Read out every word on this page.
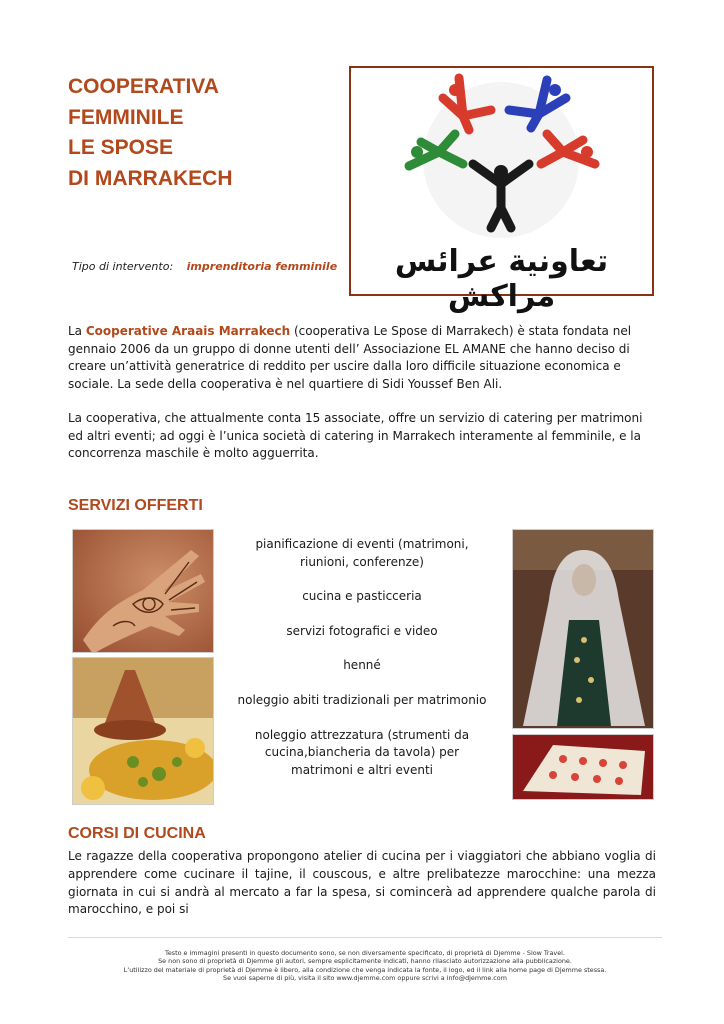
COOPERATIVA
FEMMINILE
LE SPOSE
DI MARRAKECH
تعاونية عرائس مراكش
Tipo di intervento: imprenditoria femminile
La Cooperative Araais Marrakech (cooperativa Le Spose di Marrakech) è stata fondata nel gennaio 2006 da un gruppo di donne utenti dell’ Associazione EL AMANE che hanno deciso di creare un’attività generatrice di reddito per uscire dalla loro difficile situazione economica e sociale. La sede della cooperativa è nel quartiere di Sidi Youssef Ben Ali.
La cooperativa, che attualmente conta 15 associate, offre un servizio di catering per matrimoni ed altri eventi; ad oggi è l’unica società di catering in Marrakech interamente al femminile, e la concorrenza maschile è molto agguerrita.
SERVIZI OFFERTI
pianificazione di eventi (matrimoni, riunioni, conferenze)
cucina e pasticceria
servizi fotografici e video
henné
noleggio abiti tradizionali per matrimonio
noleggio attrezzatura (strumenti da cucina,biancheria da tavola) per matrimoni e altri eventi
CORSI DI CUCINA
Le ragazze della cooperativa propongono atelier di cucina per i viaggiatori che abbiano voglia di apprendere come cucinare il tajine, il couscous, e altre prelibatezze marocchine: una mezza giornata in cui si andrà al mercato a far la spesa, si comincerà ad apprendere qualche parola di marocchino, e poi si
Testo e immagini presenti in questo documento sono, se non diversamente specificato, di proprietà di Djemme - Slow Travel.
Se non sono di proprietà di Djemme gli autori, sempre esplicitamente indicati, hanno rilasciato autorizzazione alla pubblicazione.
L’utilizzo del materiale di proprietà di Djemme è libero, alla condizione che venga indicata la fonte, il logo, ed il link alla home page di Djemme stessa.
Se vuoi saperne di più, visita il sito www.djemme.com oppure scrivi a info@djemme.com
